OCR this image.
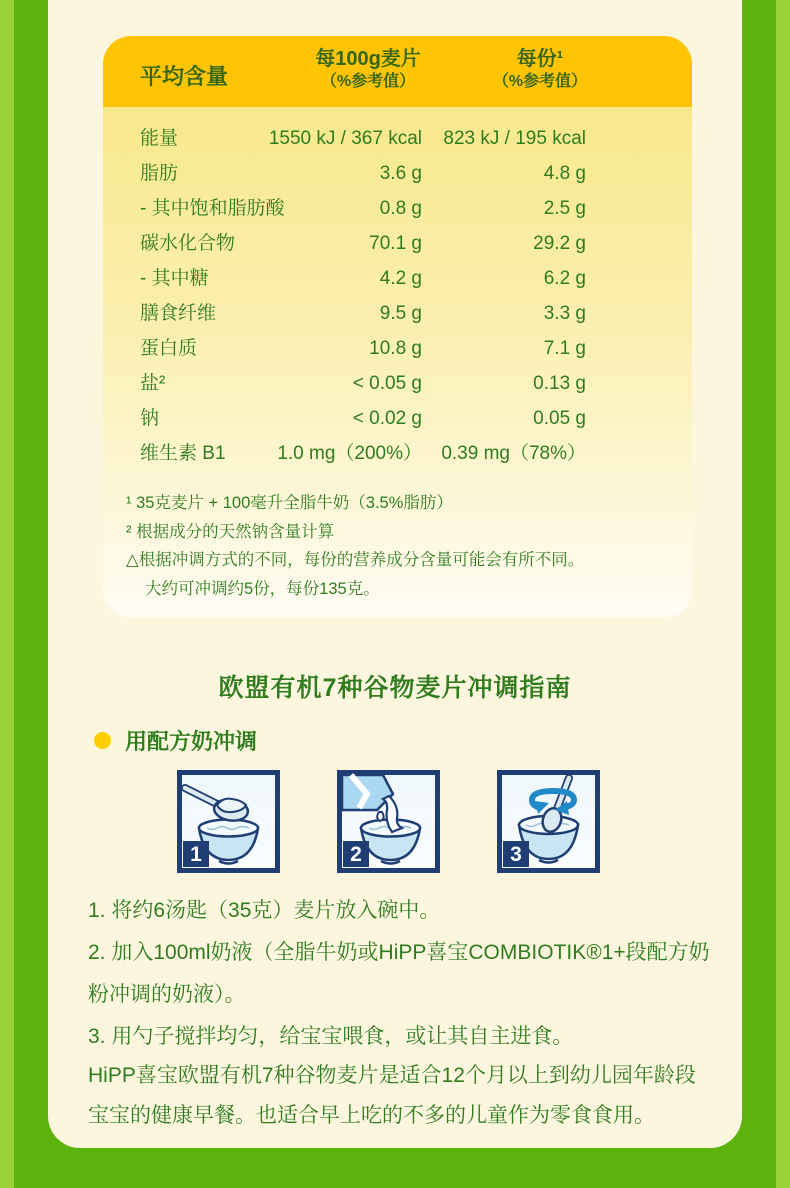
平均含量
每100g麦片
（%参考值）
每份¹
（%参考值）
能量	1550 kJ / 367 kcal 823 kJ / 195 kcal
脂肪	3.6 g	4.8 g
- 其中饱和脂肪酸	0.8 g	2.5 g
碳水化合物	70.1 g	29.2 g
- 其中糖	4.2 g	6.2 g
膳食纤维	9.5 g	3.3 g
蛋白质	10.8 g	7.1 g
盐²	< 0.05 g	0.13 g
钠	< 0.02 g	0.05 g
维生素 B1	1.0 mg（200%） 0.39 mg（78%）
¹ 35克麦片 + 100毫升全脂牛奶（3.5%脂肪）
² 根据成分的天然钠含量计算
△根据冲调方式的不同，每份的营养成分含量可能会有所不同。
大约可冲调约5份，每份135克。
欧盟有机7种谷物麦片冲调指南
用配方奶冲调
1	2	3

1. 将约6汤匙（35克）麦片放入碗中。

2. 加入100ml奶液（全脂牛奶或HiPP喜宝COMBIOTIK®1+段配方奶粉冲调的奶液）。

3. 用勺子搅拌均匀，给宝宝喂食，或让其自主进食。

HiPP喜宝欧盟有机7种谷物麦片是适合12个月以上到幼儿园年龄段宝宝的健康早餐。也适合早上吃的不多的儿童作为零食食用。
